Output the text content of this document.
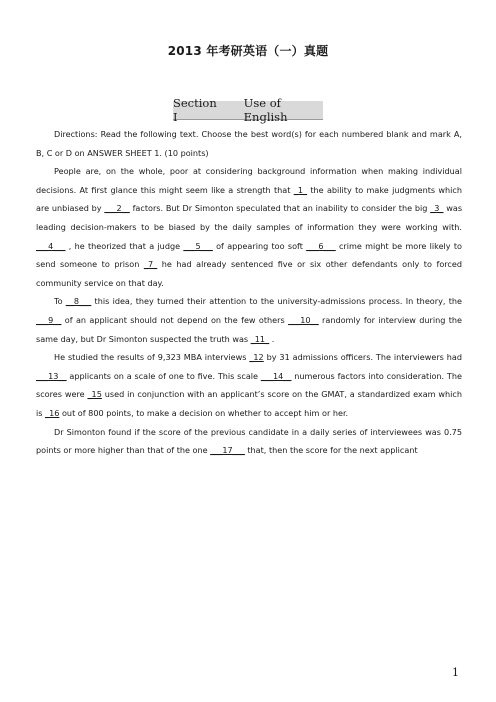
2013 年考研英语（一）真题
Section I
Use of English

Directions: Read the following text. Choose the best word(s) for each numbered blank and mark A, B, C or D on ANSWER SHEET 1. (10 points)

People are, on the whole, poor at considering background information when making individual decisions. At first glance this might seem like a strength that _1_ the ability to make judgments which are unbiased by ___2__ factors. But Dr Simonton speculated that an inability to consider the big _3_ was leading decision-makers to be biased by the daily samples of information they were working with. ___4___ , he theorized that a judge ___5___ of appearing too soft ___6___ crime might be more likely to send someone to prison _7_ he had already sentenced five or six other defendants only to forced community service on that day.

To __8___ this idea, they turned their attention to the university-admissions process. In theory, the ___9__ of an applicant should not depend on the few others ___10__ randomly for interview during the same day, but Dr Simonton suspected the truth was _11_ .

He studied the results of 9,323 MBA interviews _12 by 31 admissions officers. The interviewers had ___13__ applicants on a scale of one to five. This scale ___14__ numerous factors into consideration. The scores were _15 used in conjunction with an applicant’s score on the GMAT, a standardized exam which is _16 out of 800 points, to make a decision on whether to accept him or her.

Dr Simonton found if the score of the previous candidate in a daily series of interviewees was 0.75 points or more higher than that of the one ___17___ that, then the score for the next applicant

1
